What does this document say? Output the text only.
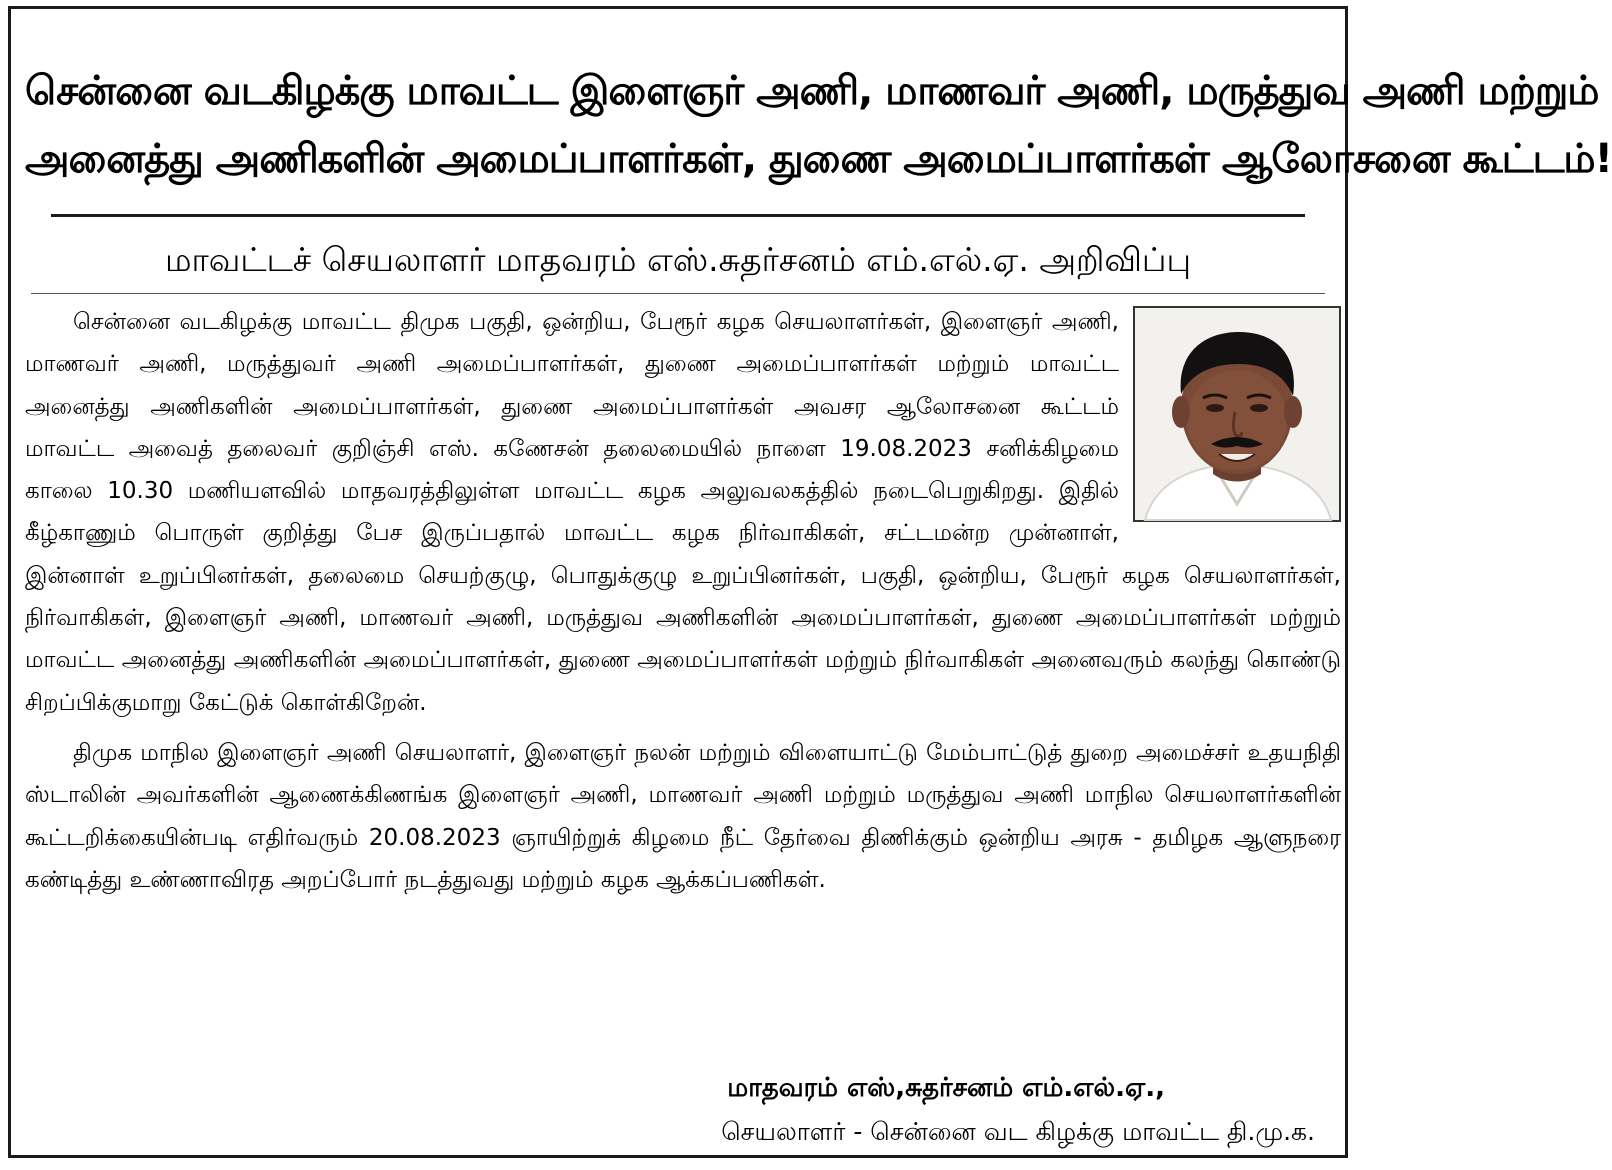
சென்னை வடகிழக்கு மாவட்ட இளைஞர் அணி, மாணவர் அணி, மருத்துவ அணி மற்றும்
அனைத்து அணிகளின் அமைப்பாளர்கள், துணை அமைப்பாளர்கள் ஆலோசனை கூட்டம்!
மாவட்டச் செயலாளர் மாதவரம் எஸ்.சுதர்சனம் எம்.எல்.ஏ. அறிவிப்பு

சென்னை வடகிழக்கு மாவட்ட திமுக பகுதி, ஒன்றிய, பேரூர் கழக செயலாளர்கள், இளைஞர் அணி, மாணவர் அணி, மருத்துவர் அணி அமைப்பாளர்கள், துணை அமைப்பாளர்கள் மற்றும் மாவட்ட அனைத்து அணிகளின் அமைப்பாளர்கள், துணை அமைப்பாளர்கள் அவசர ஆலோசனை கூட்டம் மாவட்ட அவைத் தலைவர் குறிஞ்சி எஸ். கணேசன் தலைமையில் நாளை 19.08.2023 சனிக்கிழமை காலை 10.30 மணியளவில் மாதவரத்திலுள்ள மாவட்ட கழக அலுவலகத்தில் நடைபெறுகிறது. இதில் கீழ்காணும் பொருள் குறித்து பேச இருப்பதால் மாவட்ட கழக நிர்வாகிகள், சட்டமன்ற முன்னாள், இன்னாள் உறுப்பினர்கள், தலைமை செயற்குழு, பொதுக்குழு உறுப்பினர்கள், பகுதி, ஒன்றிய, பேரூர் கழக செயலாளர்கள், நிர்வாகிகள், இளைஞர் அணி, மாணவர் அணி, மருத்துவ அணிகளின் அமைப்பாளர்கள், துணை அமைப்பாளர்கள் மற்றும் மாவட்ட அனைத்து அணிகளின் அமைப்பாளர்கள், துணை அமைப்பாளர்கள் மற்றும் நிர்வாகிகள் அனைவரும் கலந்து கொண்டு சிறப்பிக்குமாறு கேட்டுக் கொள்கிறேன்.

திமுக மாநில இளைஞர் அணி செயலாளர், இளைஞர் நலன் மற்றும் விளையாட்டு மேம்பாட்டுத் துறை அமைச்சர் உதயநிதி ஸ்டாலின் அவர்களின் ஆணைக்கிணங்க இளைஞர் அணி, மாணவர் அணி மற்றும் மருத்துவ அணி மாநில செயலாளர்களின் கூட்டறிக்கையின்படி எதிர்வரும் 20.08.2023 ஞாயிற்றுக் கிழமை நீட் தேர்வை திணிக்கும் ஒன்றிய அரசு - தமிழக ஆளுநரை கண்டித்து உண்ணாவிரத அறப்போர் நடத்துவது மற்றும் கழக ஆக்கப்பணிகள்.

மாதவரம் எஸ்,சுதர்சனம் எம்.எல்.ஏ.,
செயலாளர் - சென்னை வட கிழக்கு மாவட்ட தி.மு.க.
